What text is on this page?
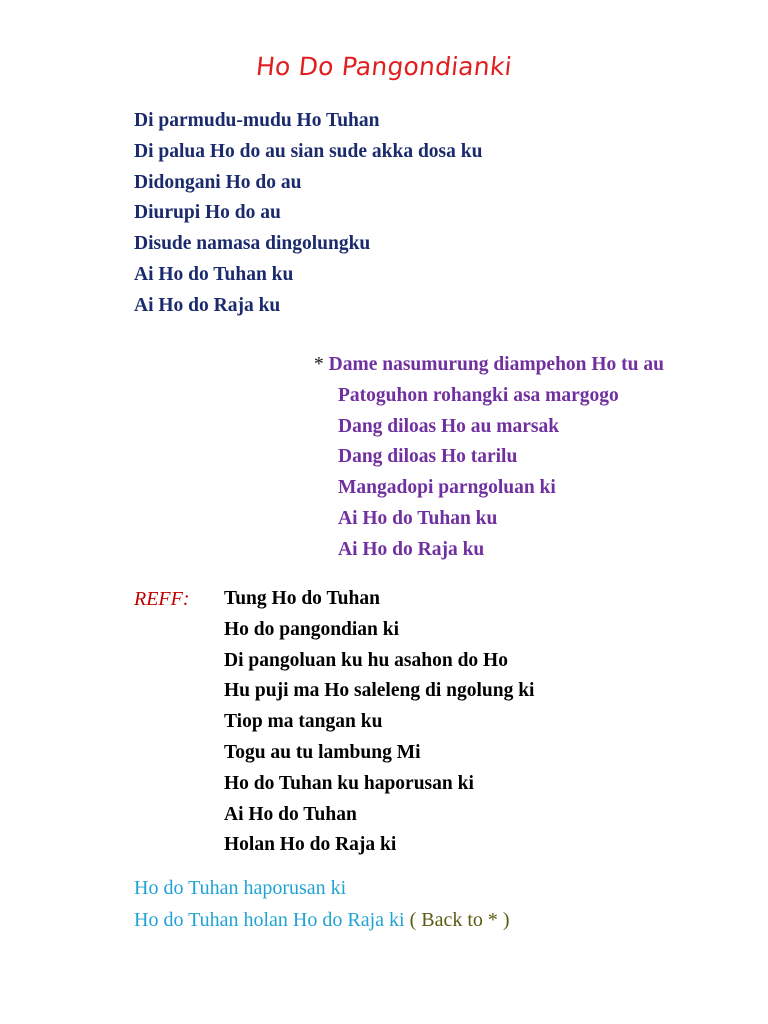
Ho Do Pangondianki
Di parmudu-mudu Ho Tuhan
Di palua Ho do au sian sude akka dosa ku
Didongani Ho do au
Diurupi Ho do au
Disude namasa dingolungku
Ai Ho do Tuhan ku
Ai Ho do Raja ku
* Dame nasumurung diampehon Ho tu au
Patoguhon rohangki asa margogo
Dang diloas Ho au marsak
Dang diloas Ho tarilu
Mangadopi parngoluan ki
Ai Ho do Tuhan ku
Ai Ho do Raja ku
REFF: Tung Ho do Tuhan
Ho do pangondian ki
Di pangoluan ku hu asahon do Ho
Hu puji ma Ho saleleng di ngolung ki
Tiop ma tangan ku
Togu au tu lambung Mi
Ho do Tuhan ku haporusan ki
Ai Ho do Tuhan
Holan Ho do Raja ki
Ho do Tuhan haporusan ki
Ho do Tuhan holan Ho do Raja ki ( Back to * )
